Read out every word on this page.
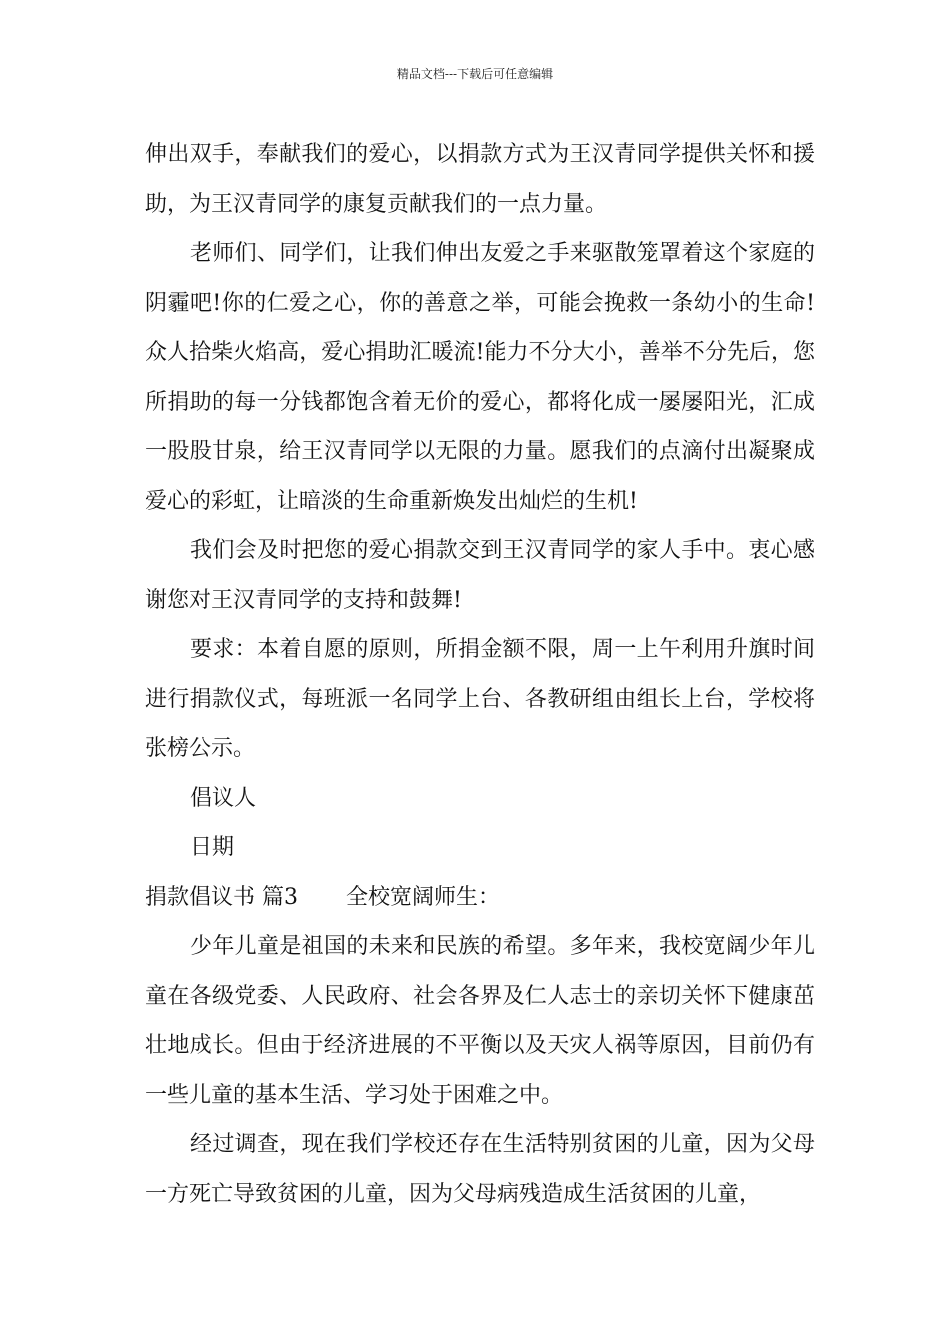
精品文档---下载后可任意编辑

伸出双手，奉献我们的爱心，以捐款方式为王汉青同学提供关怀和援助，为王汉青同学的康复贡献我们的一点力量。

老师们、同学们，让我们伸出友爱之手来驱散笼罩着这个家庭的阴霾吧!你的仁爱之心，你的善意之举，可能会挽救一条幼小的生命!众人拾柴火焰高，爱心捐助汇暖流!能力不分大小，善举不分先后，您所捐助的每一分钱都饱含着无价的爱心，都将化成一屡屡阳光，汇成一股股甘泉，给王汉青同学以无限的力量。愿我们的点滴付出凝聚成爱心的彩虹，让暗淡的生命重新焕发出灿烂的生机!

我们会及时把您的爱心捐款交到王汉青同学的家人手中。衷心感谢您对王汉青同学的支持和鼓舞!

要求：本着自愿的原则，所捐金额不限，周一上午利用升旗时间进行捐款仪式，每班派一名同学上台、各教研组由组长上台，学校将张榜公示。

倡议人

日期

捐款倡议书 篇3 全校宽阔师生：

少年儿童是祖国的未来和民族的希望。多年来，我校宽阔少年儿童在各级党委、人民政府、社会各界及仁人志士的亲切关怀下健康茁壮地成长。但由于经济进展的不平衡以及天灾人祸等原因，目前仍有一些儿童的基本生活、学习处于困难之中。

经过调查，现在我们学校还存在生活特别贫困的儿童，因为父母一方死亡导致贫困的儿童，因为父母病残造成生活贫困的儿童，
